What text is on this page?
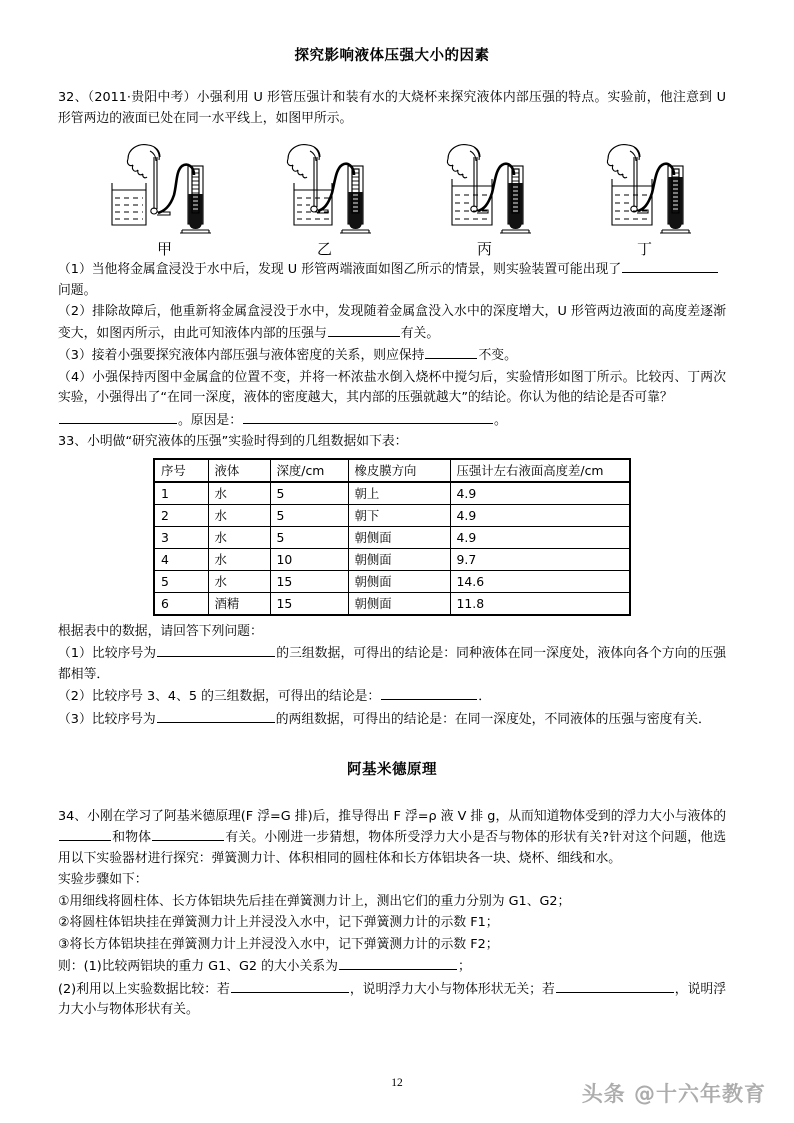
探究影响液体压强大小的因素

32、（2011·贵阳中考）小强利用 U 形管压强计和装有水的大烧杯来探究液体内部压强的特点。实验前，他注意到 U 形管两边的液面已处在同一水平线上，如图甲所示。

甲	乙	丙	丁

（1）当他将金属盒浸没于水中后，发现 U 形管两端液面如图乙所示的情景，则实验装置可能出现了
问题。

（2）排除故障后，他重新将金属盒浸没于水中，发现随着金属盒没入水中的深度增大，U 形管两边液面的高度差逐渐变大，如图丙所示，由此可知液体内部的压强与	有关。

（3）接着小强要探究液体内部压强与液体密度的关系，则应保持	不变。

（4）小强保持丙图中金属盒的位置不变，并将一杯浓盐水倒入烧杯中搅匀后，实验情形如图丁所示。比较丙、丁两次实验，小强得出了“在同一深度，液体的密度越大，其内部的压强就越大”的结论。你认为他的结论是否可靠？

。原因是：	。

33、小明做“研究液体的压强”实验时得到的几组数据如下表：

序号	液体	深度/cm	橡皮膜方向	压强计左右液面高度差/cm
1	水	5	朝上	4.9
2	水	5	朝下	4.9
3	水	5	朝侧面	4.9
4	水	10	朝侧面	9.7
5	水	15	朝侧面	14.6
6	酒精	15	朝侧面	11.8

根据表中的数据，请回答下列问题：

（1）比较序号为	的三组数据，可得出的结论是：同种液体在同一深度处，液体向各个方向的压强都相等．

（2）比较序号 3、4、5 的三组数据，可得出的结论是：	．

（3）比较序号为	的两组数据，可得出的结论是：在同一深度处，不同液体的压强与密度有关．

阿基米德原理

34、小刚在学习了阿基米德原理(F 浮=G 排)后，推导得出 F 浮=ρ 液 V 排 g，从而知道物体受到的浮力大小与液体的和物体	有关。小刚进一步猜想，物体所受浮力大小是否与物体的形状有关?针对这个问题，他选用以下实验器材进行探究：弹簧测力计、体积相同的圆柱体和长方体铝块各一块、烧杯、细线和水。

实验步骤如下：

①用细线将圆柱体、长方体铝块先后挂在弹簧测力计上，测出它们的重力分别为 G1、G2；

②将圆柱体铝块挂在弹簧测力计上并浸没入水中，记下弹簧测力计的示数 F1；

③将长方体铝块挂在弹簧测力计上并浸没入水中，记下弹簧测力计的示数 F2；

则：(1)比较两铝块的重力 G1、G2 的大小关系为	；

(2)利用以上实验数据比较：若	，说明浮力大小与物体形状无关；若	，说明浮力大小与物体形状有关。

12	头条 @十六年教育
